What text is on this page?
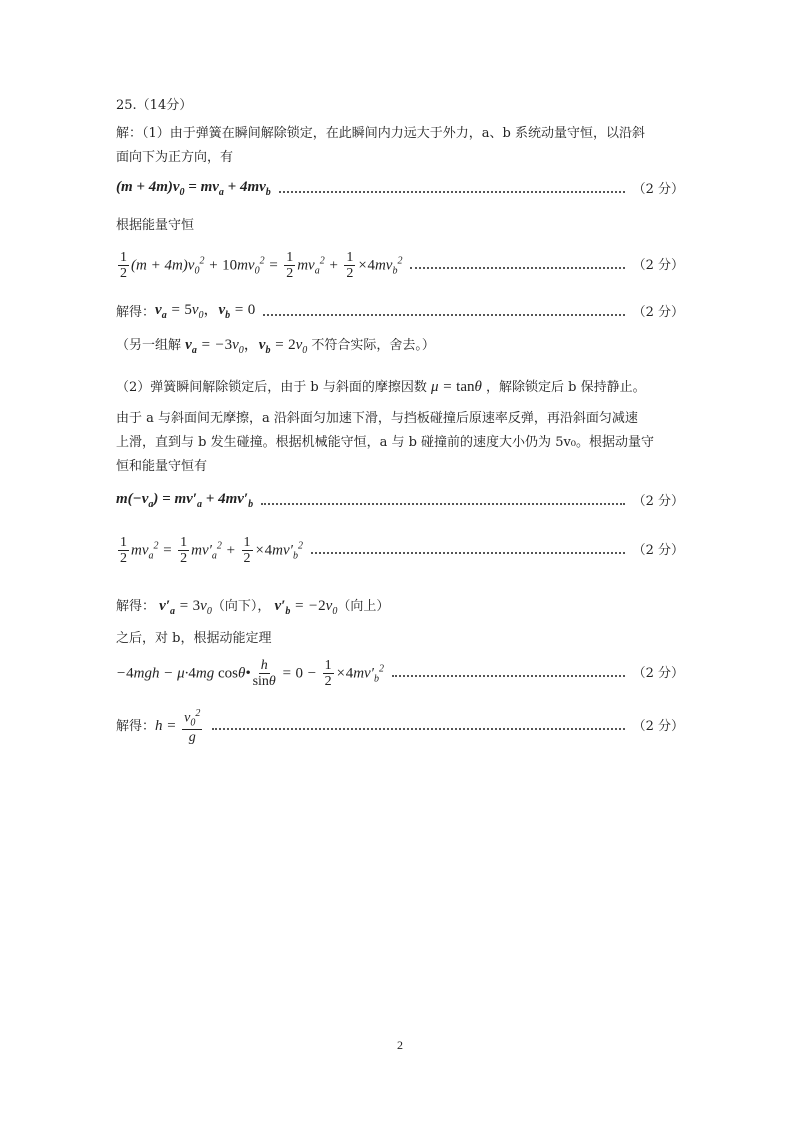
25.（14分）
解：（1）由于弹簧在瞬间解除锁定，在此瞬间内力远大于外力，a、b 系统动量守恒，以沿斜
面向下为正方向，有
$(m + 4m)v_0 = mv_a + 4mv_b$	（2 分）
根据能量守恒
$\frac{1}{2} (m + 4m)v_0^2 + 10mv_0^2 = \frac{1}{2} mv_a^2 + \frac{1}{2} \times 4mv_b^2$	（2 分）
解得： $v_a = 5v_0$，$v_b = 0$	（2 分）
（另一组解 $v_a = -3v_0$，$v_b = 2v_0$ 不符合实际，舍去。）
（2）弹簧瞬间解除锁定后，由于 b 与斜面的摩擦因数 μ = tanθ ，解除锁定后 b 保持静止。
由于 a 与斜面间无摩擦，a 沿斜面匀加速下滑，与挡板碰撞后原速率反弹，再沿斜面匀减速
上滑，直到与 b 发生碰撞。根据机械能守恒，a 与 b 碰撞前的速度大小仍为 5v₀。根据动量守
恒和能量守恒有
$m(-v_a) = mv'_a + 4mv'_b$	（2 分）
$\frac{1}{2} mv_a^2 = \frac{1}{2} mv'_a^2 + \frac{1}{2} \times 4mv'_b^2$	（2 分）
解得： $v'_a = 3v_0$（向下）， $v'_b = -2v_0$（向上）
之后，对 b，根据动能定理
−4mgh − μ·4mg cosθ• $\frac{h}{\sin\theta} = 0 - \frac{1}{2} \times 4mv'_b^2$	（2 分）
解得： $h = \frac{v_0^2}{g}$	（2 分）
2
